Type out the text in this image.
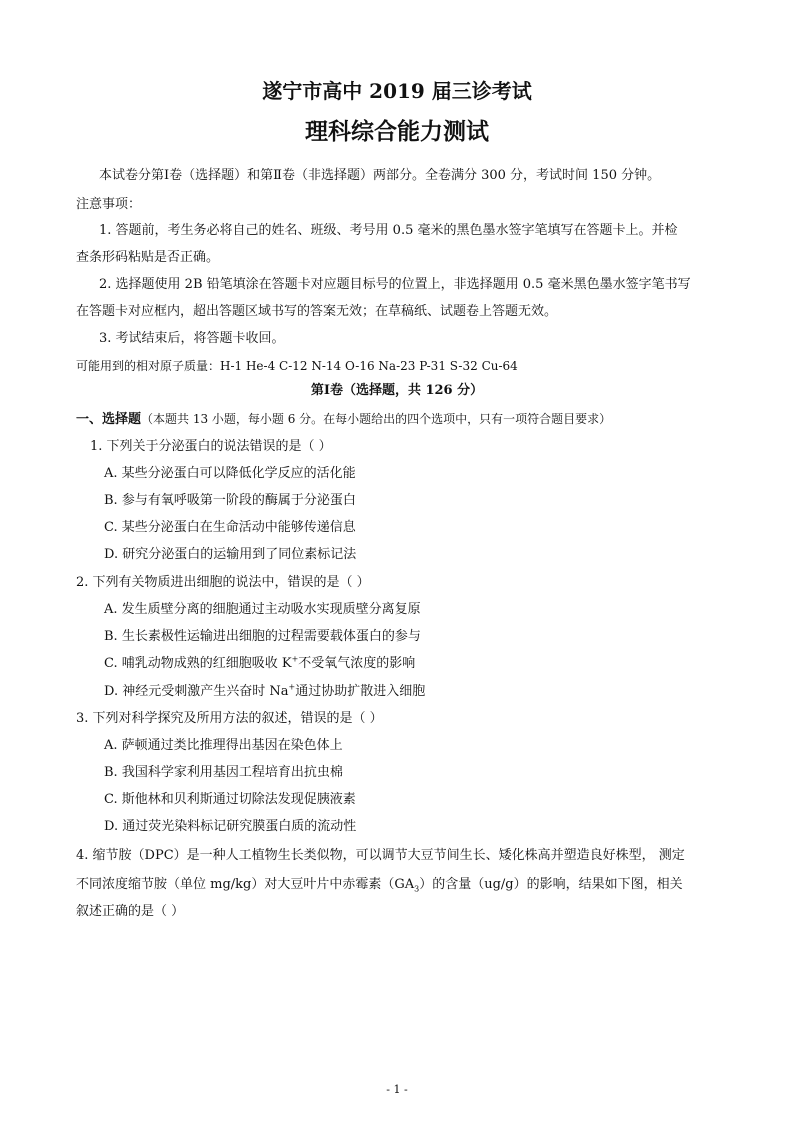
遂宁市高中 2019 届三诊考试
理科综合能力测试
本试卷分第Ⅰ卷（选择题）和第Ⅱ卷（非选择题）两部分。全卷满分 300 分，考试时间 150 分钟。
注意事项：
1. 答题前，考生务必将自己的姓名、班级、考号用 0.5 毫米的黑色墨水签字笔填写在答题卡上。并检
查条形码粘贴是否正确。
2. 选择题使用 2B 铅笔填涂在答题卡对应题目标号的位置上，非选择题用 0.5 毫米黑色墨水签字笔书写
在答题卡对应框内，超出答题区域书写的答案无效；在草稿纸、试题卷上答题无效。
3. 考试结束后，将答题卡收回。
可能用到的相对原子质量：H-1 He-4 C-12 N-14 O-16 Na-23 P-31 S-32 Cu-64
第Ⅰ卷（选择题，共 126 分）
一、选择题（本题共 13 小题，每小题 6 分。在每小题给出的四个选项中，只有一项符合题目要求）
1. 下列关于分泌蛋白的说法错误的是（ ）
A. 某些分泌蛋白可以降低化学反应的活化能
B. 参与有氧呼吸第一阶段的酶属于分泌蛋白
C. 某些分泌蛋白在生命活动中能够传递信息
D. 研究分泌蛋白的运输用到了同位素标记法
2. 下列有关物质进出细胞的说法中，错误的是（ ）
A. 发生质壁分离的细胞通过主动吸水实现质壁分离复原
B. 生长素极性运输进出细胞的过程需要载体蛋白的参与
C. 哺乳动物成熟的红细胞吸收 K+不受氧气浓度的影响
D. 神经元受刺激产生兴奋时 Na+通过协助扩散进入细胞
3. 下列对科学探究及所用方法的叙述，错误的是（ ）
A. 萨顿通过类比推理得出基因在染色体上
B. 我国科学家利用基因工程培育出抗虫棉
C. 斯他林和贝利斯通过切除法发现促胰液素
D. 通过荧光染料标记研究膜蛋白质的流动性
4. 缩节胺（DPC）是一种人工植物生长类似物，可以调节大豆节间生长、矮化株高并塑造良好株型， 测定
不同浓度缩节胺（单位 mg/kg）对大豆叶片中赤霉素$(GA_3)$的含量（ug/g）的影响，结果如下图，相关
叙述正确的是（ ）
- 1 -
